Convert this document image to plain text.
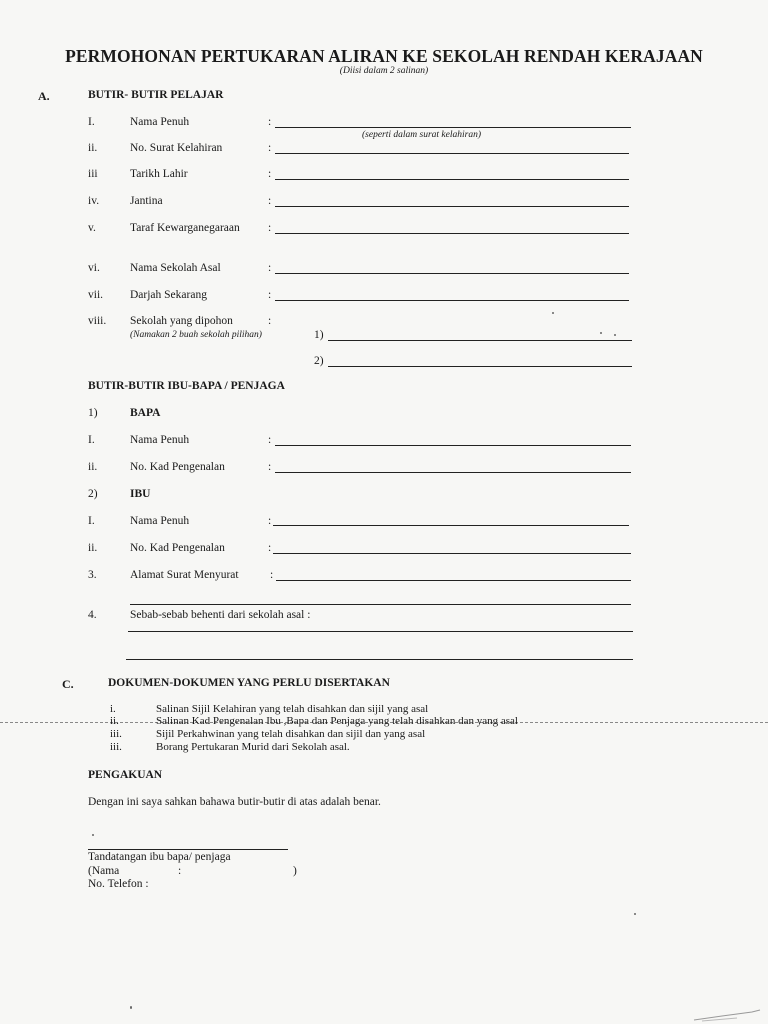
PERMOHONAN PERTUKARAN ALIRAN KE SEKOLAH RENDAH KERAJAAN
(Diisi dalam 2 salinan)
A.	BUTIR- BUTIR PELAJAR
I.	Nama Penuh	:
(seperti dalam surat kelahiran)
ii.	No. Surat Kelahiran	:
iii	Tarikh Lahir	:
iv.	Jantina	:
v.	Taraf Kewarganegaraan :
vi.	Nama Sekolah Asal	:
vii. Darjah Sekarang	:
viii. Sekolah yang dipohon	:
(Namakan 2 buah sekolah pilihan)	1)
2)
BUTIR-BUTIR IBU-BAPA / PENJAGA
1)	BAPA
I.	Nama Penuh	:
ii.	No. Kad Pengenalan	:
2)	IBU
I.	Nama Penuh	:
ii.	No. Kad Pengenalan	:
3.	Alamat Surat Menyurat	:
4.	Sebab-sebab behenti dari sekolah asal :
C.	DOKUMEN-DOKUMEN YANG PERLU DISERTAKAN
i.	Salinan Sijil Kelahiran yang telah disahkan dan sijil yang asal
ii.	Salinan Kad Pengenalan Ibu ,Bapa dan Penjaga yang telah disahkan dan yang asal
iii.	Sijil Perkahwinan yang telah disahkan dan sijil dan yang asal
iii.	Borang Pertukaran Murid dari Sekolah asal.
PENGAKUAN
Dengan ini saya sahkan bahawa butir-butir di atas adalah benar.
Tandatangan ibu bapa/ penjaga
(Nama	:	)
No. Telefon :
